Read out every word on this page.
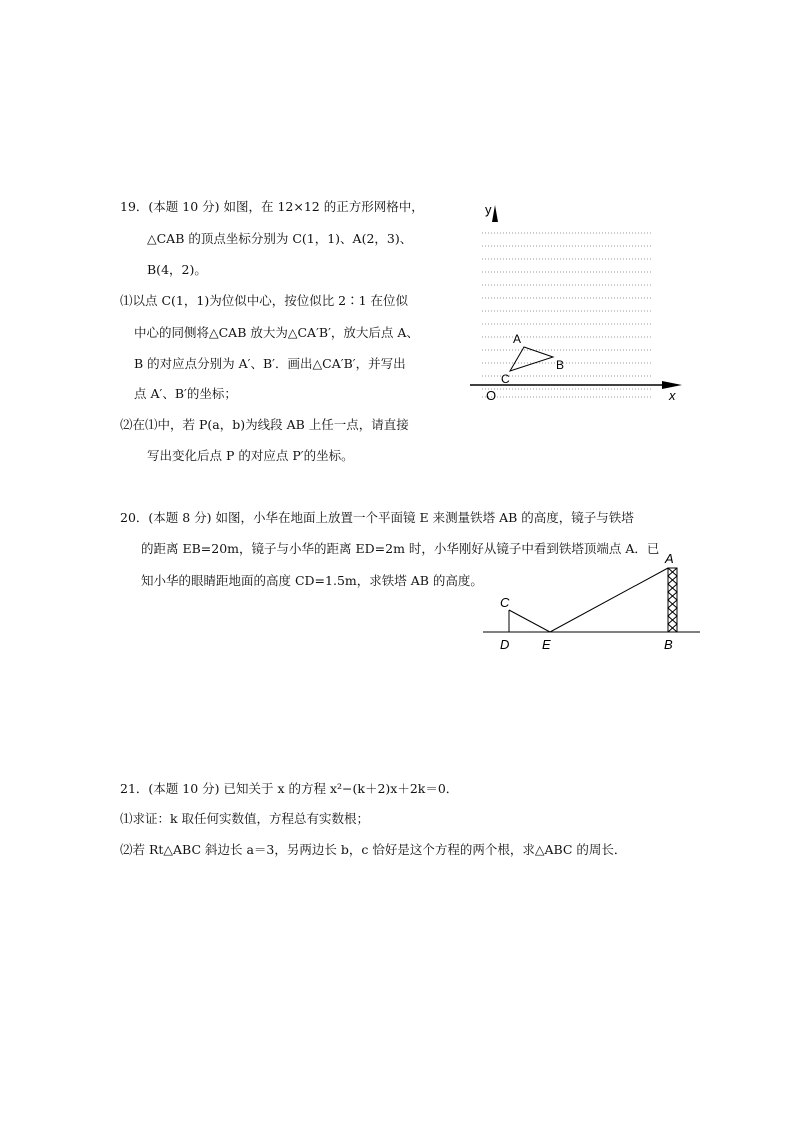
19．(本题 10 分) 如图，在 12×12 的正方形网格中，
△CAB 的顶点坐标分别为 C(1，1)、A(2，3)、
B(4，2)。
⑴以点 C(1，1)为位似中心，按位似比 2∶1 在位似
中心的同侧将△CAB 放大为△CA′B′，放大后点 A、
B 的对应点分别为 A′、B′．画出△CA′B′，并写出
点 A′、B′的坐标；
⑵在⑴中，若 P(a，b)为线段 AB 上任一点，请直接
写出变化后点 P 的对应点 P′的坐标。
y
x
O
A
B
C
20．(本题 8 分) 如图，小华在地面上放置一个平面镜 E 来测量铁塔 AB 的高度，镜子与铁塔
的距离 EB=20m，镜子与小华的距离 ED=2m 时，小华刚好从镜子中看到铁塔顶端点 A．已
知小华的眼睛距地面的高度 CD=1.5m，求铁塔 AB 的高度。
A
C
D	E	B
21．(本题 10 分) 已知关于 x 的方程 x²−(k＋2)x＋2k＝0．
⑴求证：k 取任何实数值，方程总有实数根；
⑵若 Rt△ABC 斜边长 a＝3，另两边长 b，c 恰好是这个方程的两个根，求△ABC 的周长．
